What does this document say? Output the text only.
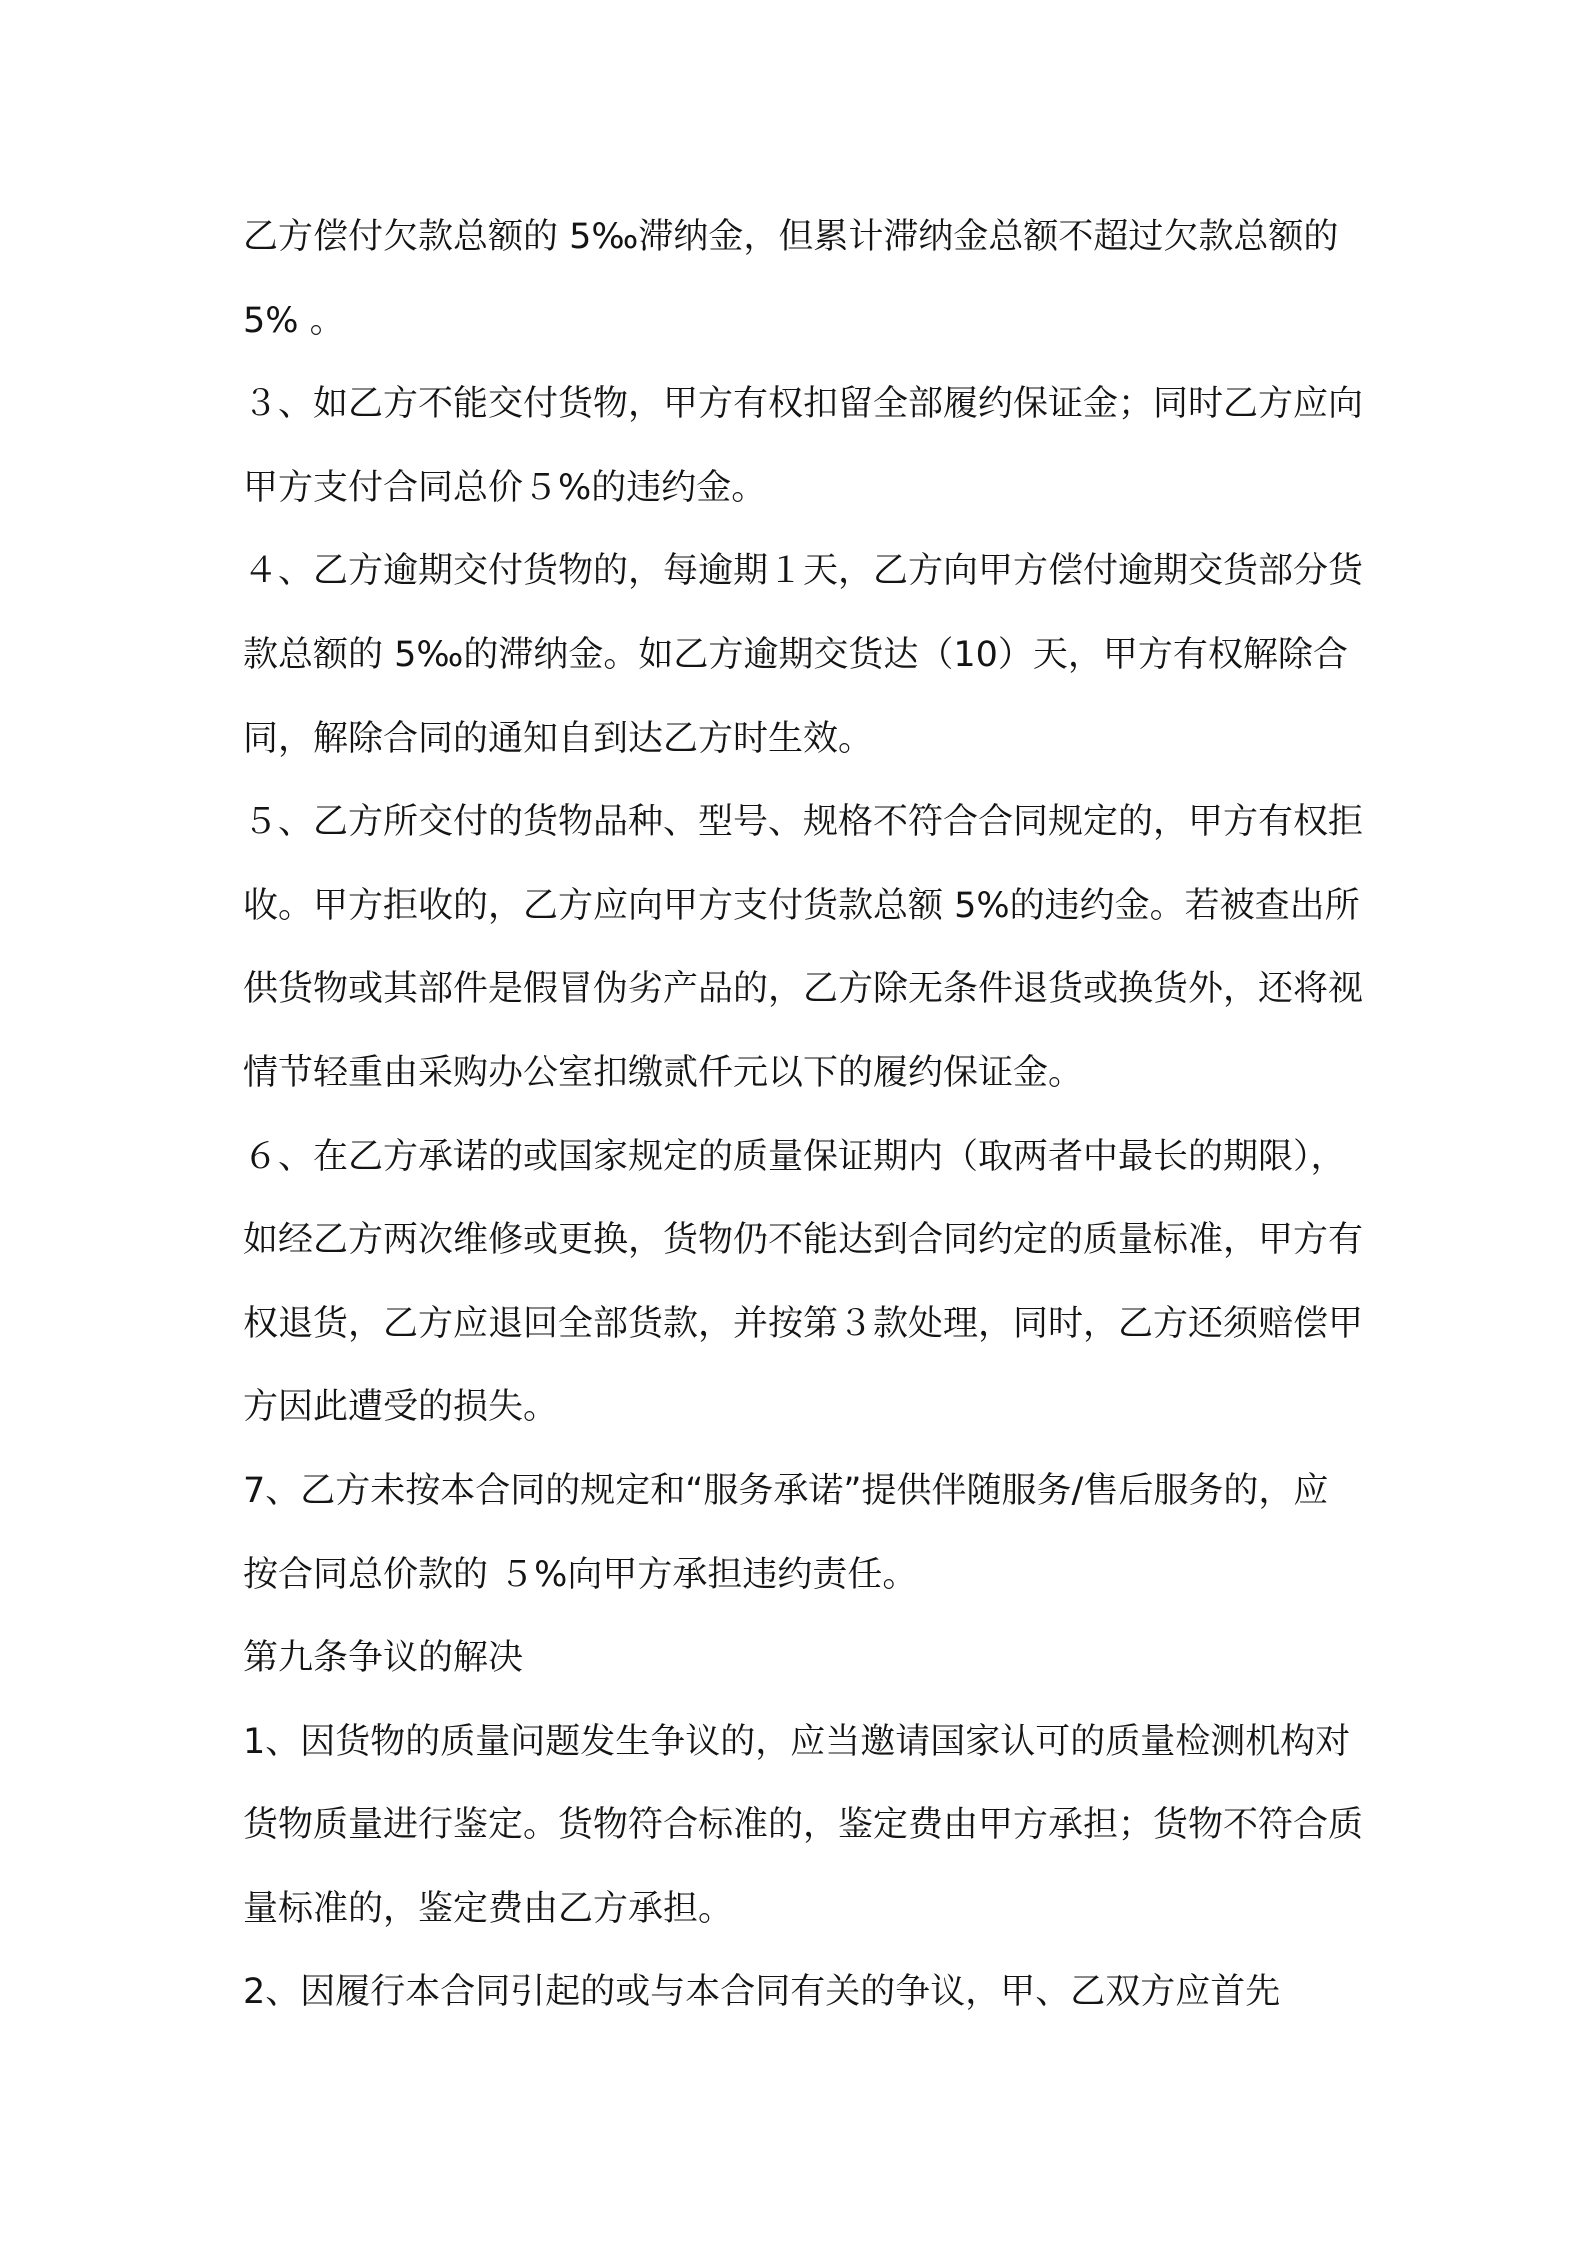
乙方偿付欠款总额的 5‰滞纳金，但累计滞纳金总额不超过欠款总额的 5% 。

３、如乙方不能交付货物，甲方有权扣留全部履约保证金；同时乙方应向甲方支付合同总价５%的违约金。

４、乙方逾期交付货物的，每逾期１天，乙方向甲方偿付逾期交货部分货款总额的 5‰的滞纳金。如乙方逾期交货达（10）天，甲方有权解除合同，解除合同的通知自到达乙方时生效。

５、乙方所交付的货物品种、型号、规格不符合合同规定的，甲方有权拒收。甲方拒收的，乙方应向甲方支付货款总额 5%的违约金。若被查出所供货物或其部件是假冒伪劣产品的，乙方除无条件退货或换货外，还将视情节轻重由采购办公室扣缴贰仟元以下的履约保证金。

６、在乙方承诺的或国家规定的质量保证期内（取两者中最长的期限），如经乙方两次维修或更换，货物仍不能达到合同约定的质量标准，甲方有权退货，乙方应退回全部货款，并按第３款处理，同时，乙方还须赔偿甲方因此遭受的损失。

7、乙方未按本合同的规定和“服务承诺”提供伴随服务/售后服务的，应按合同总价款的 ５%向甲方承担违约责任。

第九条争议的解决

1、因货物的质量问题发生争议的，应当邀请国家认可的质量检测机构对货物质量进行鉴定。货物符合标准的，鉴定费由甲方承担；货物不符合质量标准的，鉴定费由乙方承担。

2、因履行本合同引起的或与本合同有关的争议，甲、乙双方应首先
